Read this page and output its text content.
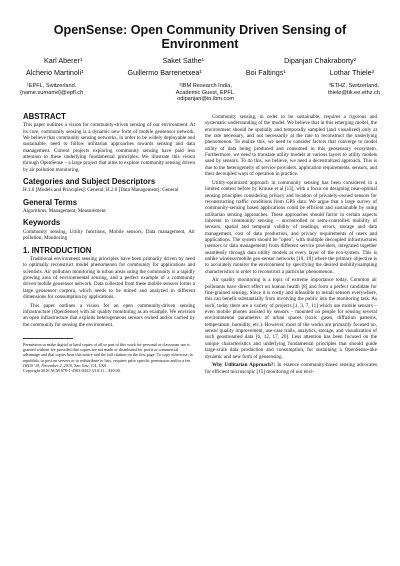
OpenSense: Open Community Driven Sensing of Environment
Karl Aberer¹	Saket Sathe¹	Dipanjan Chakraborty²
Alcherio Martinoli¹	Guillermo Barrenetxea¹	Boi Faltings¹	Lothar Thiele³
¹EPFL, Switzerland.
{name.surname}@epfl.ch
²IBM Research India,
Academic Guest, EPFL.
odipanjan@in.ibm.com
³ETHZ, Switzerland.
thiele@tik.ee.ethz.ch
ABSTRACT

This paper outlines a vision for community-driven sensing of our environment. At its core, community sensing is a dynamic new form of mobile geosensor network. We believe that community sensing networks, in order to be widely deployable and sustainable, need to follow utilitarian approaches towards sensing and data management. Current projects exploring community sensing have paid less attention to these underlying fundamental principles. We illustrate this vision through OpenSense – a large project that aims to explore community sensing driven by air pollution monitoring.

Categories and Subject Descriptors

H.1.0 [Models and Principles]: General; H.2.0 [Data Management]: General

General Terms

Algorithms, Management, Measurement

Keywords

Community sensing, Utility functions, Mobile sensors, Data management, Air pollution, Monitoring

1. INTRODUCTION

Traditional environment sensing principles have been primarily driven by need to optimally reconstruct model phenomenon for community for applications and scientists. Air pollution monitoring in urban areas using the community is a rapidly growing area of environmental sensing, and a perfect example of a community driven mobile geosensor network. Data collected from these mobile sensors forms a large geosensor corpora, which needs to be mined and analyzed in different dimensions for consumption by applications.

This paper outlines a vision for an open community-driven sensing infrastructure (OpenSense) with air quality monitoring as an example. We envision an open infrastructure that exploits heterogeneous sensors owned and/or carried by the community for sensing the environment.

Permission to make digital or hard copies of all or part of this work for personal or classroom use is granted without fee provided that copies are not made or distributed for profit or commercial advantage and that copies bear this notice and the full citation on the first page. To copy otherwise, to republish, to post on servers or to redistribute to lists, requires prior specific permission and/or a fee.
IWGS '10, November 2, 2010, San Jose, CA, USA
Copyright 2010 ACM 978-1-4503-0431-3/10/11 ...$10.00.

Community sensing, in order to be sustainable, requires a rigorous and systematic understanding of the model. We believe that in this emerging model, the environment should be spatially and temporally sampled (and visualized) only at the rate necessary, and not necessarily at the rate to reconstruct the underlying phenomenon. To realize this, we need to consider factors that converge to model utility of data being produced and consumed in this geosensory ecosystem. Furthermore, we need to translate utility models at various layers to utility models used by sensors. To do this, we believe, we need a decentralized approach. This is due to the heterogeneity of service providers, application requirements, sensors, and their decoupled ways of operation in practice.

Utility-optimized approach in community sensing has been considered in a limited context before by Krause et al [13], with a focus on designing near-optimal sensing principles considering privacy and location of privately-owned sensors for reconstructing traffic conditions from GPS data. We argue that a large survey of community-sensing based applications could be efficient and sustainable by using utilitarian sensing approaches. These approaches should factor in certain aspects inherent to community sensing – uncontrolled or semi-controlled mobility of sensors, spatial and temporal validity of readings, errors, storage and data management, cost of data production, and privacy requirements of users and applications. The system should be "open", with multiple decoupled infrastructures (sensors or data management) from different service providers, integrated together seamlessly through data utility models at every layer of the eco-system. This is unlike wireless/mobile geo-sensor networks [10, 18] where the primary objective is to accurately monitor the environment by specifying the desired mobility/sampling characteristics in order to reconstruct a particular phenomenon.

Air quality monitoring is a topic of extreme importance today. Common air pollutants have direct effect on human health [8] and form a perfect candidate for fine-grained sensing. Since it is costly and infeasible to install sensors everywhere, this can benefit substantially from involving the public into the monitoring task. As such, today there are a variety of projects [1, 3, 7, 11] which use mobile sensors – even mobile phones assisted by sensors – mounted on people for sensing several environmental parameters of urban spaces (toxic gases, diffusion patterns, temperature, humidity, etc.). However, most of the works are primarily focused on, sensor quality improvement, use-case trails, analytics, storage, and visualization of such geostreamed data [6, 12, 17, 20]. Less attention has been focused on the unique characteristics and underlying fundamental principles that should guide large-scale data production and consumption, for sustaining a OpenSense-like dynamic and new form of geosensing.

Why Utilitarian Approach?: In essence community-based sensing advocates for efficient microscopic [15] monitoring of our envi-
